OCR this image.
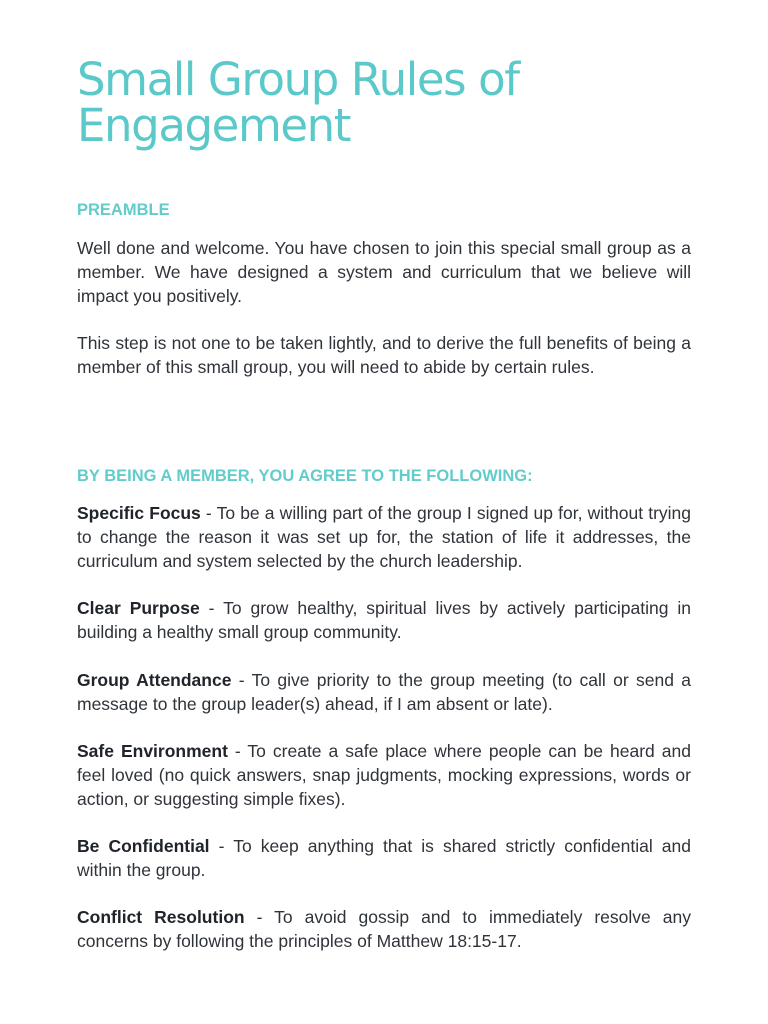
Small Group Rules of Engagement
PREAMBLE

Well done and welcome. You have chosen to join this special small group as a member. We have designed a system and curriculum that we believe will impact you positively.

This step is not one to be taken lightly, and to derive the full benefits of being a member of this small group, you will need to abide by certain rules.

BY BEING A MEMBER, YOU AGREE TO THE FOLLOWING:

Specific Focus - To be a willing part of the group I signed up for, without trying to change the reason it was set up for, the station of life it addresses, the curriculum and system selected by the church leadership.

Clear Purpose - To grow healthy, spiritual lives by actively participating in building a healthy small group community.

Group Attendance - To give priority to the group meeting (to call or send a message to the group leader(s) ahead, if I am absent or late).

Safe Environment - To create a safe place where people can be heard and feel loved (no quick answers, snap judgments, mocking expressions, words or action, or suggesting simple fixes).

Be Confidential - To keep anything that is shared strictly confidential and within the group.

Conflict Resolution - To avoid gossip and to immediately resolve any concerns by following the principles of Matthew 18:15-17.
